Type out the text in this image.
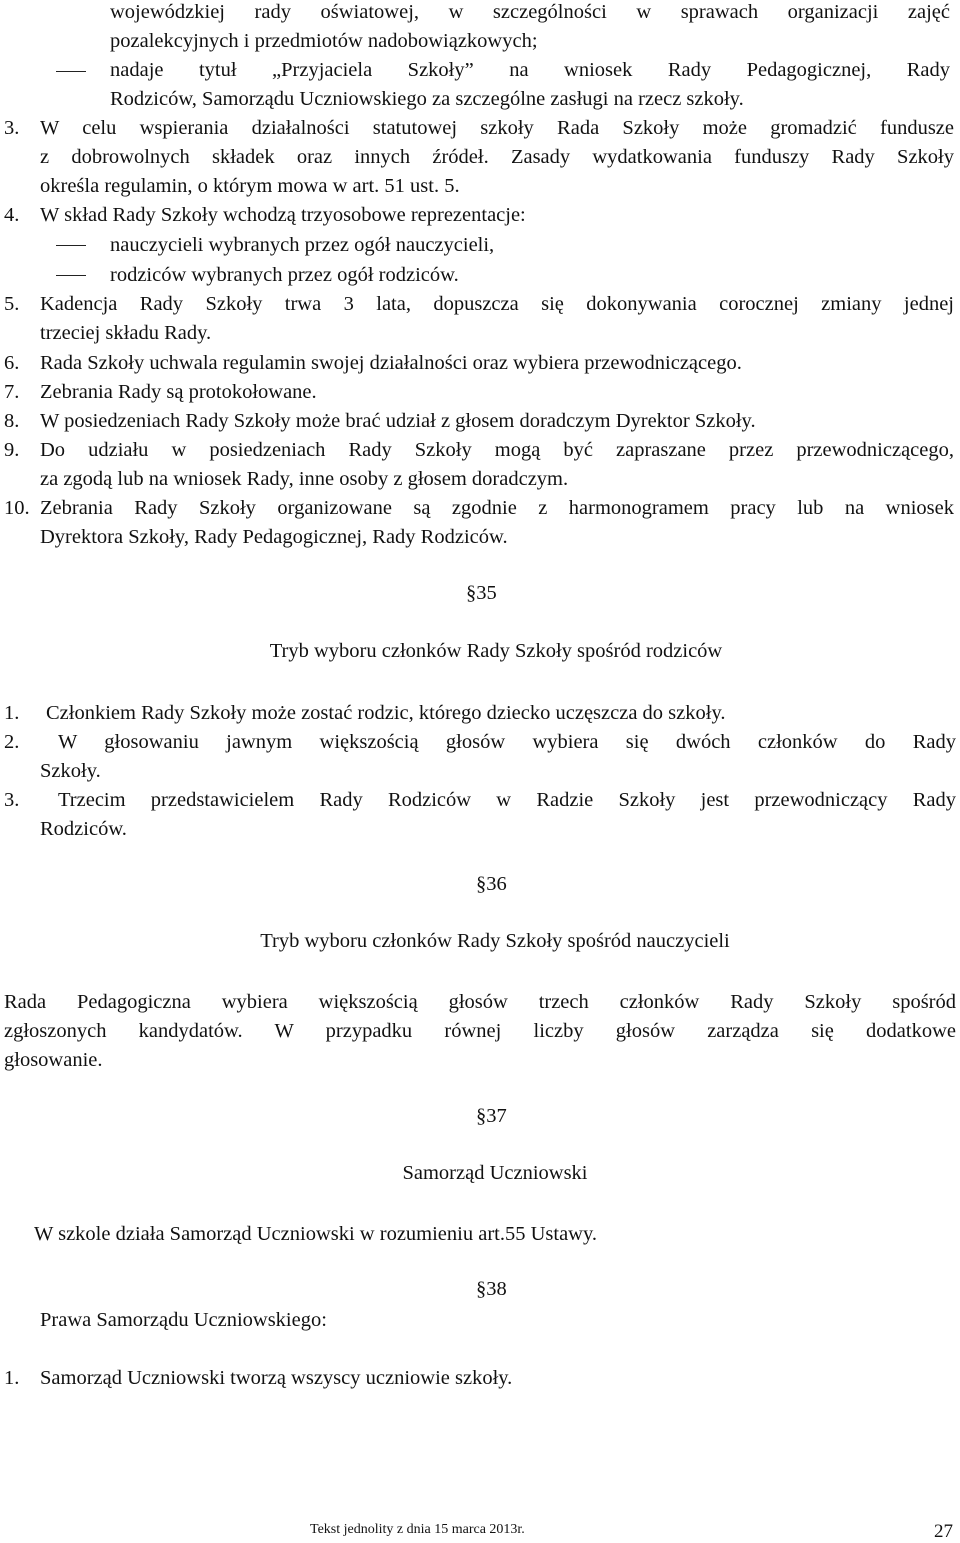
wojewódzkiej rady oświatowej, w szczególności w sprawach organizacji zajęć
pozalekcyjnych i przedmiotów nadobowiązkowych;
nadaje tytuł „Przyjaciela Szkoły” na wniosek Rady Pedagogicznej, Rady
Rodziców, Samorządu Uczniowskiego za szczególne zasługi na rzecz szkoły.
3. W celu wspierania działalności statutowej szkoły Rada Szkoły może gromadzić fundusze
z dobrowolnych składek oraz innych źródeł. Zasady wydatkowania funduszy Rady Szkoły
określa regulamin, o którym mowa w art. 51 ust. 5.
4. W skład Rady Szkoły wchodzą trzyosobowe reprezentacje:
nauczycieli wybranych przez ogół nauczycieli,
rodziców wybranych przez ogół rodziców.
5. Kadencja Rady Szkoły trwa 3 lata, dopuszcza się dokonywania corocznej zmiany jednej
trzeciej składu Rady.
6. Rada Szkoły uchwala regulamin swojej działalności oraz wybiera przewodniczącego.
7. Zebrania Rady są protokołowane.
8. W posiedzeniach Rady Szkoły może brać udział z głosem doradczym Dyrektor Szkoły.
9. Do udziału w posiedzeniach Rady Szkoły mogą być zapraszane przez przewodniczącego,
za zgodą lub na wniosek Rady, inne osoby z głosem doradczym.
10. Zebrania Rady Szkoły organizowane są zgodnie z harmonogramem pracy lub na wniosek
Dyrektora Szkoły, Rady Pedagogicznej, Rady Rodziców.
§35
Tryb wyboru członków Rady Szkoły spośród rodziców
1. Członkiem Rady Szkoły może zostać rodzic, którego dziecko uczęszcza do szkoły.
2. W głosowaniu jawnym większością głosów wybiera się dwóch członków do Rady
Szkoły.
3. Trzecim przedstawicielem Rady Rodziców w Radzie Szkoły jest przewodniczący Rady
Rodziców.
§36
Tryb wyboru członków Rady Szkoły spośród nauczycieli
Rada Pedagogiczna wybiera większością głosów trzech członków Rady Szkoły spośród
zgłoszonych kandydatów. W przypadku równej liczby głosów zarządza się dodatkowe
głosowanie.
§37
Samorząd Uczniowski
W szkole działa Samorząd Uczniowski w rozumieniu art.55 Ustawy.
§38
Prawa Samorządu Uczniowskiego:
1. Samorząd Uczniowski tworzą wszyscy uczniowie szkoły.
Tekst jednolity z dnia 15 marca 2013r.	27
